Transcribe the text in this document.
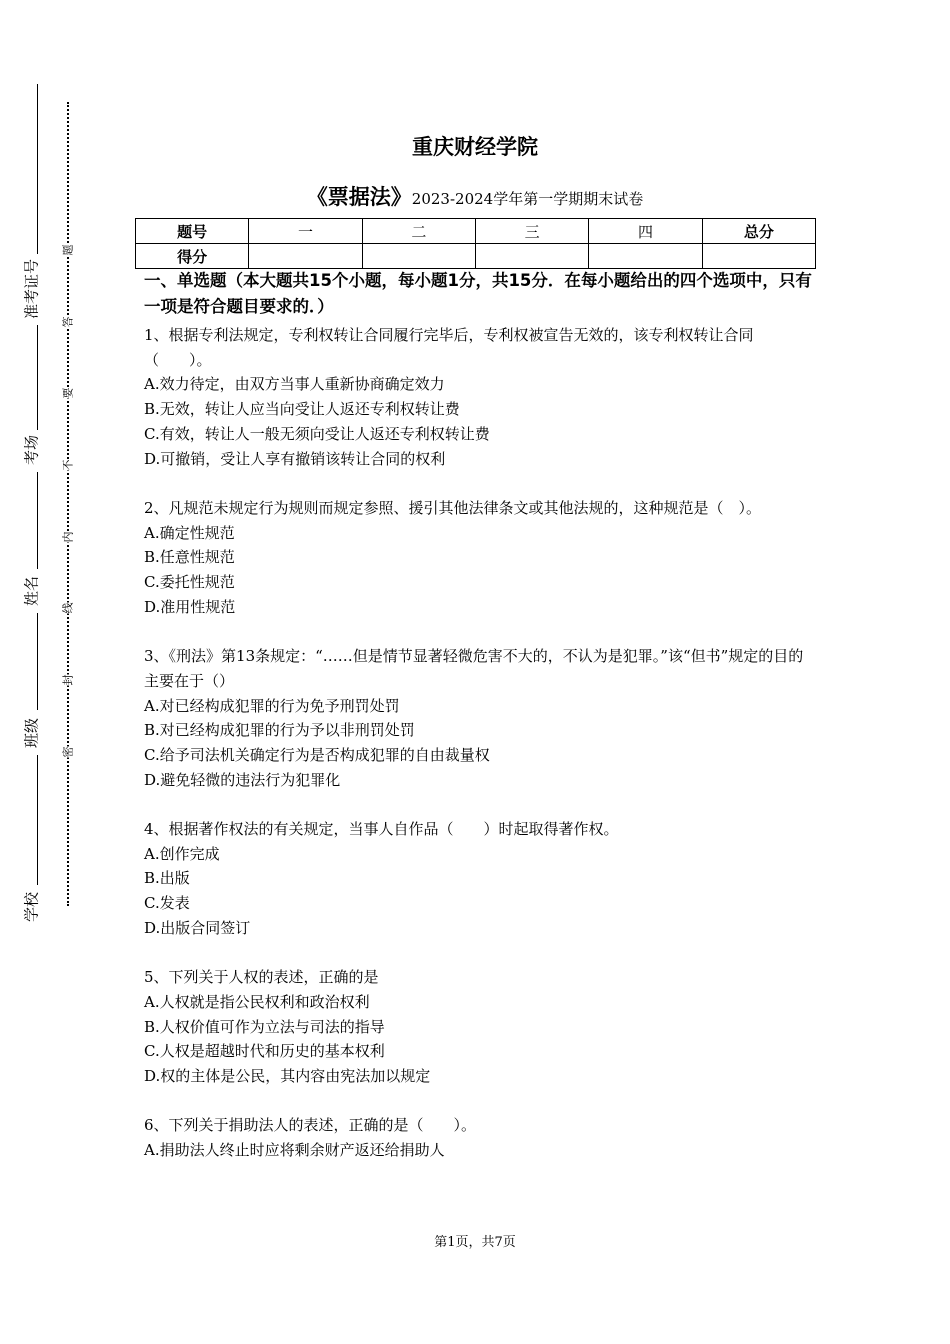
准考证号
考场
姓名
班级
学校
题
答
要
不
内
线
封
密
重庆财经学院
《票据法》2023-2024学年第一学期期末试卷
题号	一	二	三	四	总分
得分					
一、单选题（本大题共15个小题，每小题1分，共15分．在每小题给出的四个选项中，只有一项是符合题目要求的．）

1、根据专利法规定，专利权转让合同履行完毕后，专利权被宣告无效的，该专利权转让合同（　　）。

A.效力待定，由双方当事人重新协商确定效力

B.无效，转让人应当向受让人返还专利权转让费

C.有效，转让人一般无须向受让人返还专利权转让费

D.可撤销，受让人享有撤销该转让合同的权利

2、凡规范未规定行为规则而规定参照、援引其他法律条文或其他法规的，这种规范是（　）。

A.确定性规范

B.任意性规范

C.委托性规范

D.准用性规范

3、《刑法》第13条规定：“……但是情节显著轻微危害不大的，不认为是犯罪。”该“但书”规定的目的主要在于（）

A.对已经构成犯罪的行为免予刑罚处罚

B.对已经构成犯罪的行为予以非刑罚处罚

C.给予司法机关确定行为是否构成犯罪的自由裁量权

D.避免轻微的违法行为犯罪化

4、根据著作权法的有关规定，当事人自作品（　　）时起取得著作权。

A.创作完成

B.出版

C.发表

D.出版合同签订

5、下列关于人权的表述，正确的是

A.人权就是指公民权利和政治权利

B.人权价值可作为立法与司法的指导

C.人权是超越时代和历史的基本权利

D.权的主体是公民，其内容由宪法加以规定

6、下列关于捐助法人的表述，正确的是（　　）。

A.捐助法人终止时应将剩余财产返还给捐助人

第1页，共7页
